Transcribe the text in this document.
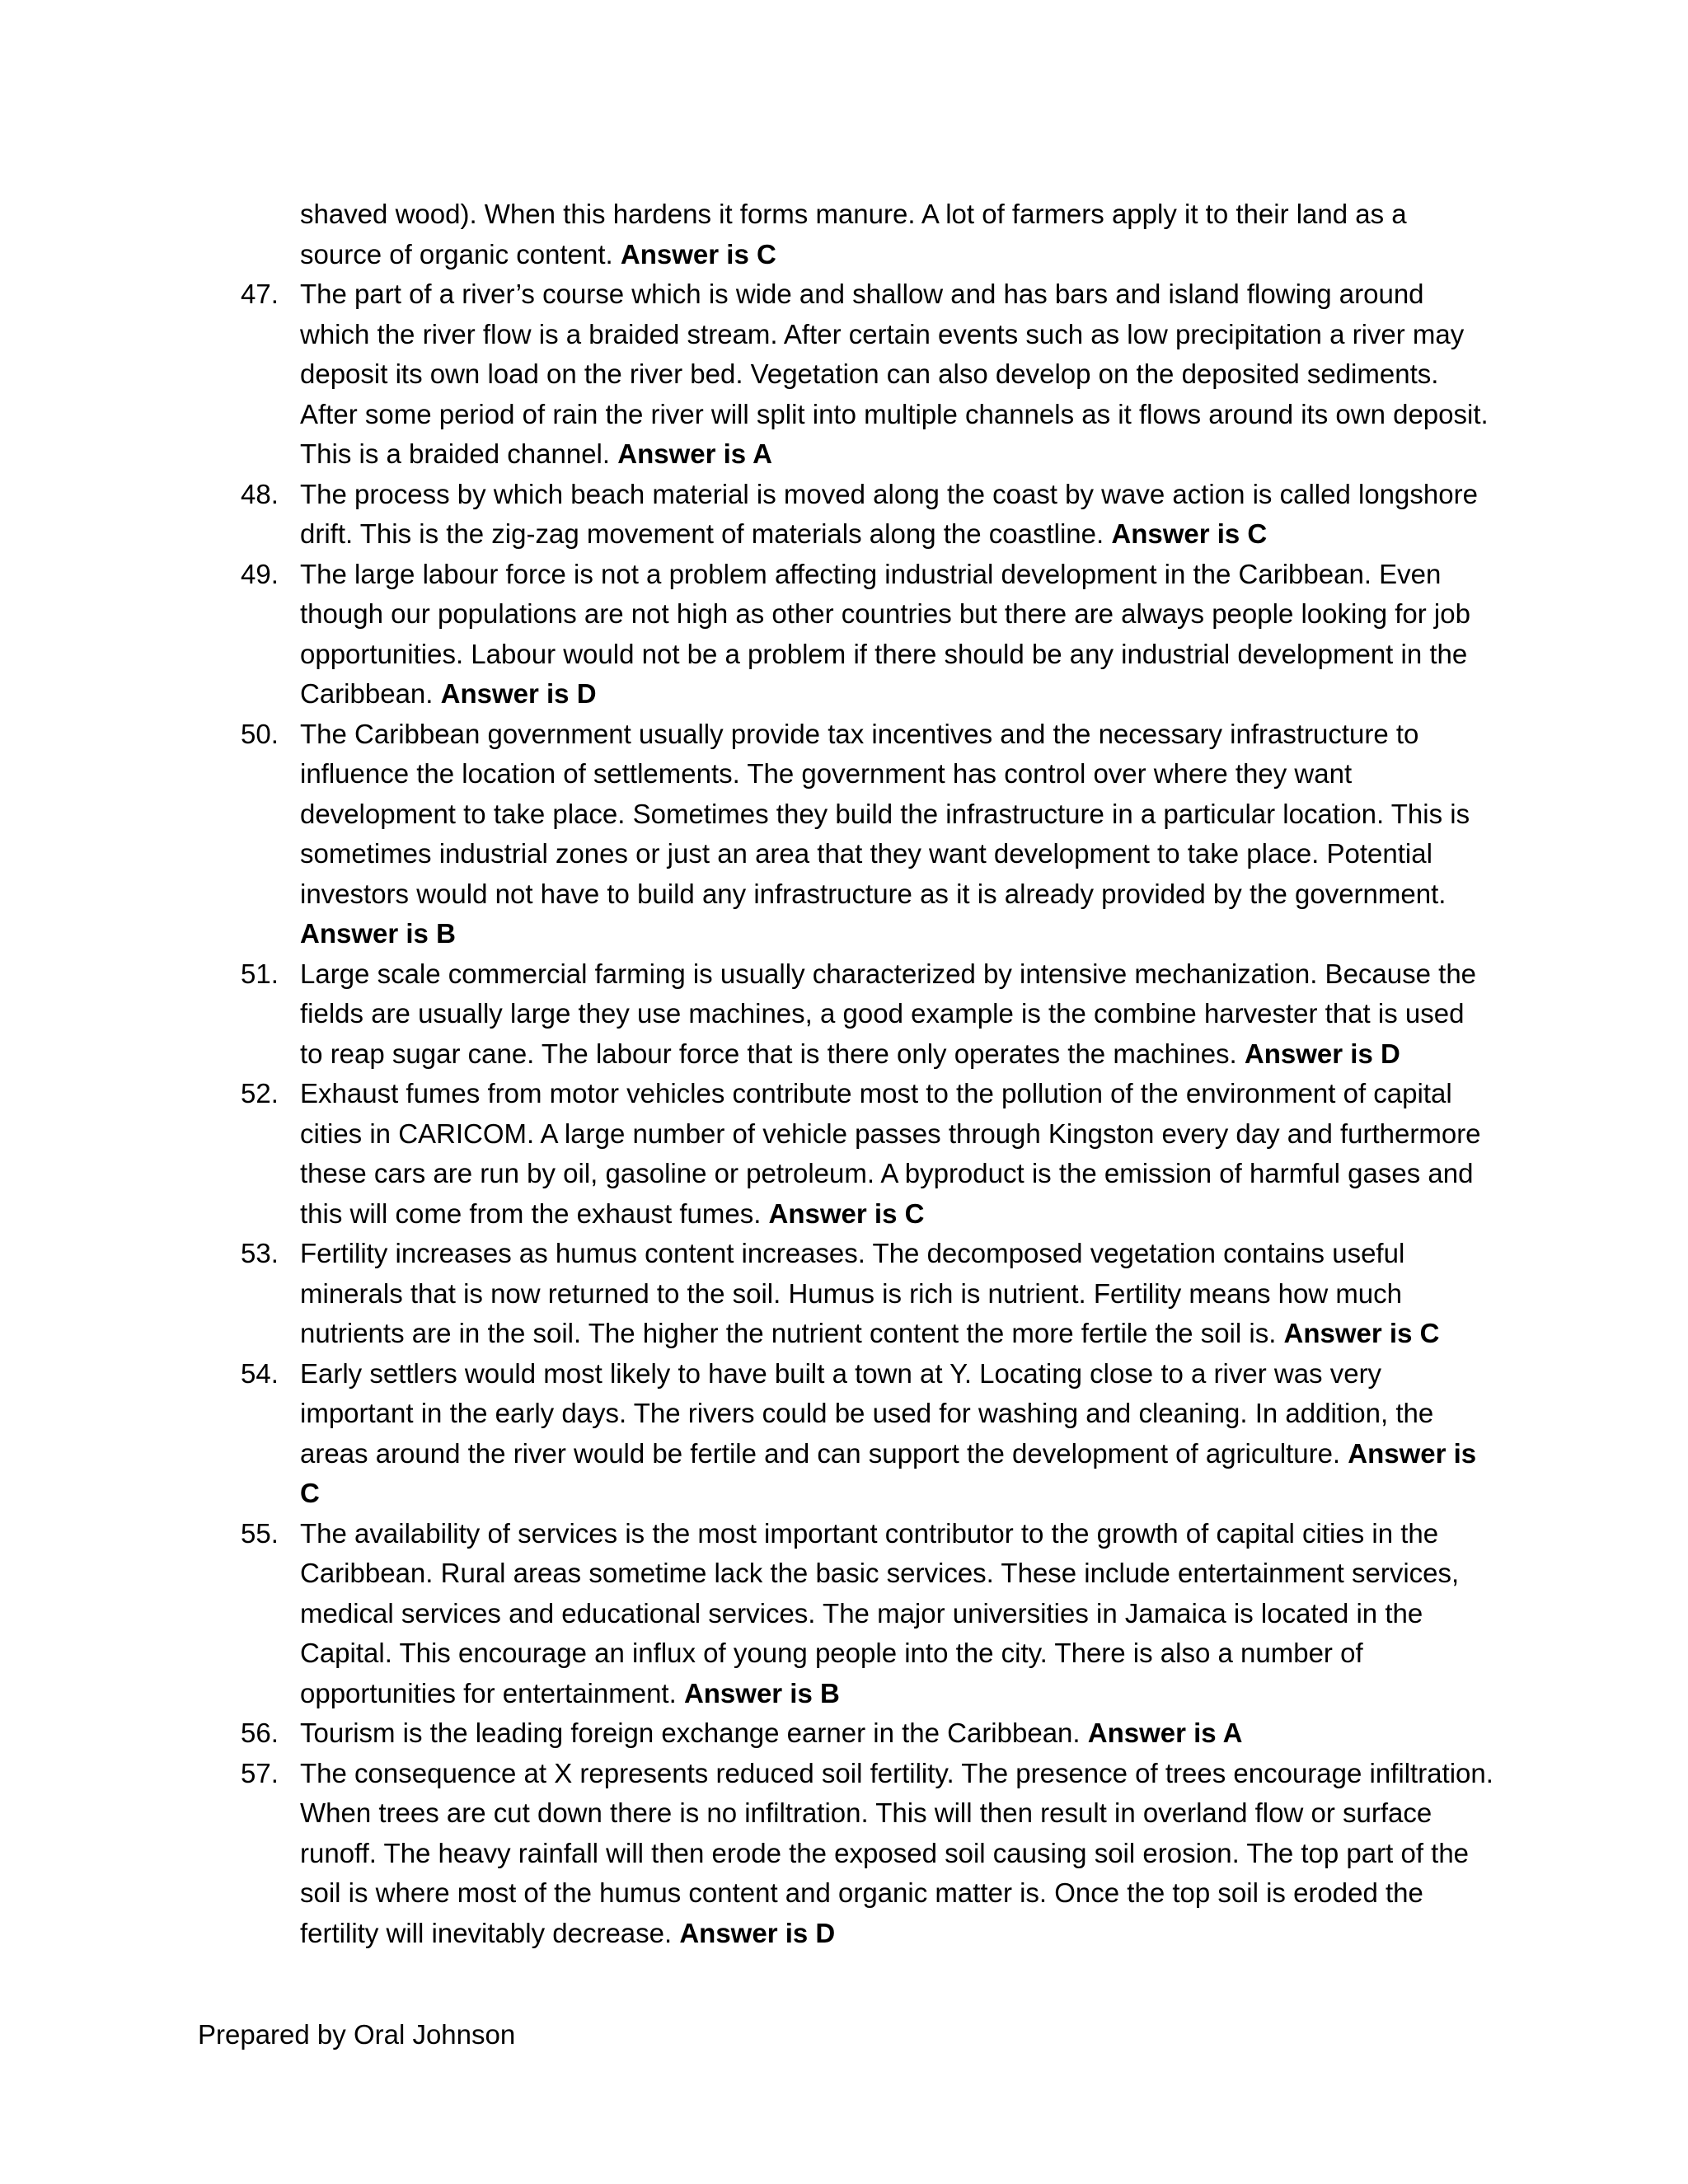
shaved wood). When this hardens it forms manure. A lot of farmers apply it to their land as a source of organic content. Answer is C

47. The part of a river’s course which is wide and shallow and has bars and island flowing around which the river flow is a braided stream. After certain events such as low precipitation a river may deposit its own load on the river bed. Vegetation can also develop on the deposited sediments. After some period of rain the river will split into multiple channels as it flows around its own deposit. This is a braided channel. Answer is A

48. The process by which beach material is moved along the coast by wave action is called longshore drift. This is the zig-zag movement of materials along the coastline. Answer is C

49. The large labour force is not a problem affecting industrial development in the Caribbean. Even though our populations are not high as other countries but there are always people looking for job opportunities. Labour would not be a problem if there should be any industrial development in the Caribbean. Answer is D

50. The Caribbean government usually provide tax incentives and the necessary infrastructure to influence the location of settlements. The government has control over where they want development to take place. Sometimes they build the infrastructure in a particular location. This is sometimes industrial zones or just an area that they want development to take place. Potential investors would not have to build any infrastructure as it is already provided by the government. Answer is B

51. Large scale commercial farming is usually characterized by intensive mechanization. Because the fields are usually large they use machines, a good example is the combine harvester that is used to reap sugar cane. The labour force that is there only operates the machines. Answer is D

52. Exhaust fumes from motor vehicles contribute most to the pollution of the environment of capital cities in CARICOM. A large number of vehicle passes through Kingston every day and furthermore these cars are run by oil, gasoline or petroleum. A byproduct is the emission of harmful gases and this will come from the exhaust fumes. Answer is C

53. Fertility increases as humus content increases. The decomposed vegetation contains useful minerals that is now returned to the soil. Humus is rich is nutrient. Fertility means how much nutrients are in the soil. The higher the nutrient content the more fertile the soil is. Answer is C

54. Early settlers would most likely to have built a town at Y. Locating close to a river was very important in the early days. The rivers could be used for washing and cleaning. In addition, the areas around the river would be fertile and can support the development of agriculture. Answer is C

55. The availability of services is the most important contributor to the growth of capital cities in the Caribbean. Rural areas sometime lack the basic services. These include entertainment services, medical services and educational services. The major universities in Jamaica is located in the Capital. This encourage an influx of young people into the city. There is also a number of opportunities for entertainment. Answer is B

56. Tourism is the leading foreign exchange earner in the Caribbean. Answer is A

57. The consequence at X represents reduced soil fertility. The presence of trees encourage infiltration. When trees are cut down there is no infiltration. This will then result in overland flow or surface runoff. The heavy rainfall will then erode the exposed soil causing soil erosion. The top part of the soil is where most of the humus content and organic matter is. Once the top soil is eroded the fertility will inevitably decrease. Answer is D

Prepared by Oral Johnson
